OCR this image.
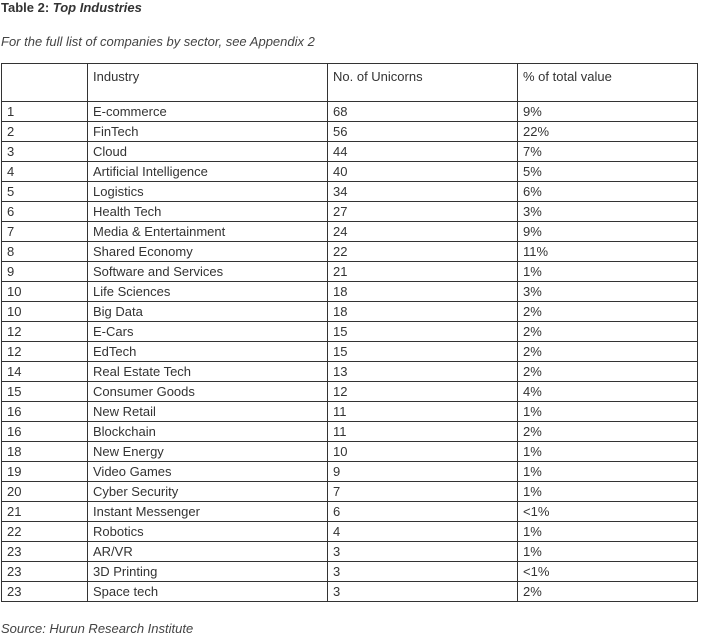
Table 2: Top Industries
For the full list of companies by sector, see Appendix 2
	Industry	No. of Unicorns	% of total value
1	E-commerce	68	9%
2	FinTech	56	22%
3	Cloud	44	7%
4	Artificial Intelligence	40	5%
5	Logistics	34	6%
6	Health Tech	27	3%
7	Media & Entertainment	24	9%
8	Shared Economy	22	11%
9	Software and Services	21	1%
10	Life Sciences	18	3%
10	Big Data	18	2%
12	E-Cars	15	2%
12	EdTech	15	2%
14	Real Estate Tech	13	2%
15	Consumer Goods	12	4%
16	New Retail	11	1%
16	Blockchain	11	2%
18	New Energy	10	1%
19	Video Games	9	1%
20	Cyber Security	7	1%
21	Instant Messenger	6	<1%
22	Robotics	4	1%
23	AR/VR	3	1%
23	3D Printing	3	<1%
23	Space tech	3	2%
Source: Hurun Research Institute
